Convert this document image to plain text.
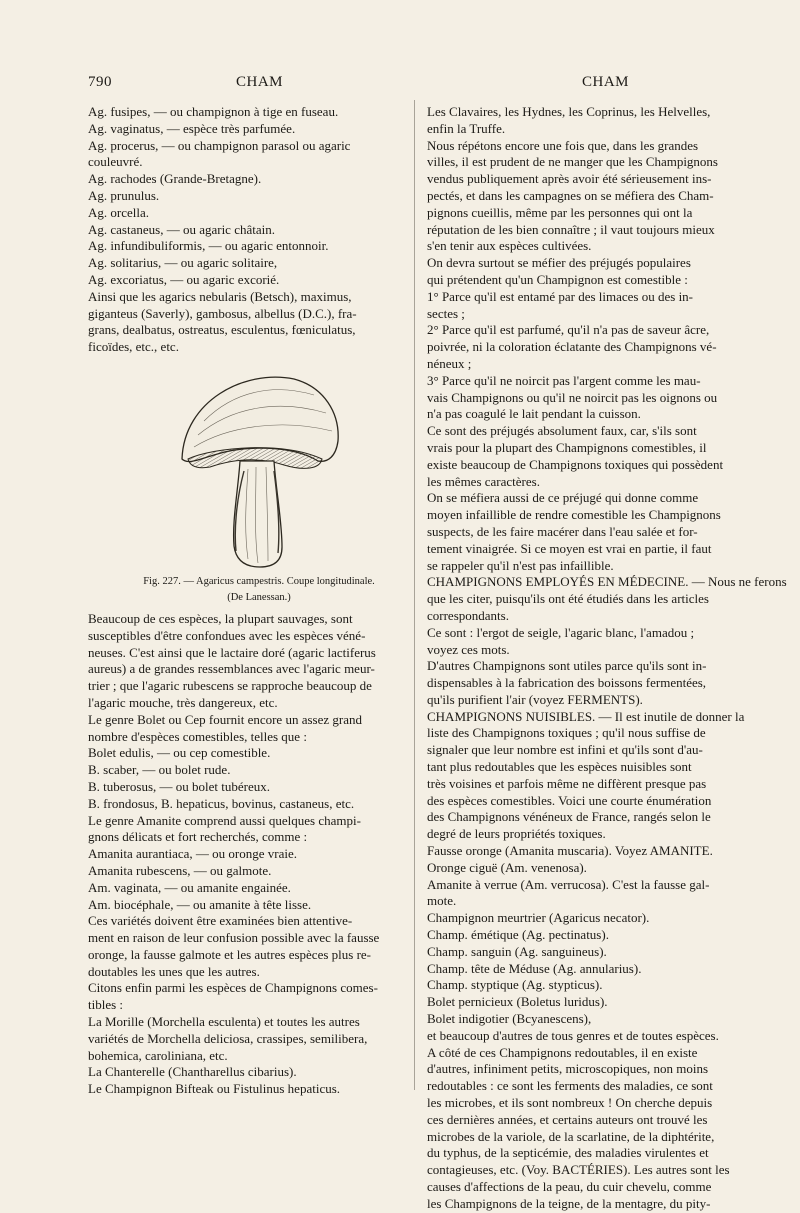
790	CHAM	CHAM
Ag. fusipes, — ou champignon à tige en fuseau.
Ag. vaginatus, — espèce très parfumée.
Ag. procerus, — ou champignon parasol ou agaric
couleuvré.
Ag. rachodes (Grande-Bretagne).
Ag. prunulus.
Ag. orcella.
Ag. castaneus, — ou agaric châtain.
Ag. infundibuliformis, — ou agaric entonnoir.
Ag. solitarius, — ou agaric solitaire,
Ag. excoriatus, — ou agaric excorié.
Ainsi que les agarics nebularis (Betsch), maximus,
giganteus (Saverly), gambosus, albellus (D.C.), fra-
grans, dealbatus, ostreatus, esculentus, fœniculatus,
ficoïdes, etc., etc.
Fig. 227. — Agaricus campestris. Coupe longitudinale.
(De Lanessan.)
Beaucoup de ces espèces, la plupart sauvages, sont
susceptibles d'être confondues avec les espèces véné-
neuses. C'est ainsi que le lactaire doré (agaric lactiferus
aureus) a de grandes ressemblances avec l'agaric meur-
trier ; que l'agaric rubescens se rapproche beaucoup de
l'agaric mouche, très dangereux, etc.
Le genre Bolet ou Cep fournit encore un assez grand
nombre d'espèces comestibles, telles que :
Bolet edulis, — ou cep comestible.
B. scaber, — ou bolet rude.
B. tuberosus, — ou bolet tubéreux.
B. frondosus, B. hepaticus, bovinus, castaneus, etc.
Le genre Amanite comprend aussi quelques champi-
gnons délicats et fort recherchés, comme :
Amanita aurantiaca, — ou oronge vraie.
Amanita rubescens, — ou galmote.
Am. vaginata, — ou amanite engainée.
Am. biocéphale, — ou amanite à tête lisse.
Ces variétés doivent être examinées bien attentive-
ment en raison de leur confusion possible avec la fausse
oronge, la fausse galmote et les autres espèces plus re-
doutables les unes que les autres.
Citons enfin parmi les espèces de Champignons comes-
tibles :
La Morille (Morchella esculenta) et toutes les autres
variétés de Morchella deliciosa, crassipes, semilibera,
bohemica, caroliniana, etc.
La Chanterelle (Chantharellus cibarius).
Le Champignon Bifteak ou Fistulinus hepaticus.
Les Clavaires, les Hydnes, les Coprinus, les Helvelles,
enfin la Truffe.
Nous répétons encore une fois que, dans les grandes
villes, il est prudent de ne manger que les Champignons
vendus publiquement après avoir été sérieusement ins-
pectés, et dans les campagnes on se méfiera des Cham-
pignons cueillis, même par les personnes qui ont la
réputation de les bien connaître ; il vaut toujours mieux
s'en tenir aux espèces cultivées.
On devra surtout se méfier des préjugés populaires
qui prétendent qu'un Champignon est comestible :
1° Parce qu'il est entamé par des limaces ou des in-
sectes ;
2° Parce qu'il est parfumé, qu'il n'a pas de saveur âcre,
poivrée, ni la coloration éclatante des Champignons vé-
néneux ;
3° Parce qu'il ne noircit pas l'argent comme les mau-
vais Champignons ou qu'il ne noircit pas les oignons ou
n'a pas coagulé le lait pendant la cuisson.
Ce sont des préjugés absolument faux, car, s'ils sont
vrais pour la plupart des Champignons comestibles, il
existe beaucoup de Champignons toxiques qui possèdent
les mêmes caractères.
On se méfiera aussi de ce préjugé qui donne comme
moyen infaillible de rendre comestible les Champignons
suspects, de les faire macérer dans l'eau salée et for-
tement vinaigrée. Si ce moyen est vrai en partie, il faut
se rappeler qu'il n'est pas infaillible.
CHAMPIGNONS EMPLOYÉS EN MÉDECINE. — Nous ne ferons
que les citer, puisqu'ils ont été étudiés dans les articles
correspondants.
Ce sont : l'ergot de seigle, l'agaric blanc, l'amadou ;
voyez ces mots.
D'autres Champignons sont utiles parce qu'ils sont in-
dispensables à la fabrication des boissons fermentées,
qu'ils purifient l'air (voyez FERMENTS).
CHAMPIGNONS NUISIBLES. — Il est inutile de donner la
liste des Champignons toxiques ; qu'il nous suffise de
signaler que leur nombre est infini et qu'ils sont d'au-
tant plus redoutables que les espèces nuisibles sont
très voisines et parfois même ne diffèrent presque pas
des espèces comestibles. Voici une courte énumération
des Champignons vénéneux de France, rangés selon le
degré de leurs propriétés toxiques.
Fausse oronge (Amanita muscaria). Voyez AMANITE.
Oronge ciguë (Am. venenosa).
Amanite à verrue (Am. verrucosa). C'est la fausse gal-
mote.
Champignon meurtrier (Agaricus necator).
Champ. émétique (Ag. pectinatus).
Champ. sanguin (Ag. sanguineus).
Champ. tête de Méduse (Ag. annularius).
Champ. styptique (Ag. stypticus).
Bolet pernicieux (Boletus luridus).
Bolet indigotier (Bcyanescens),
et beaucoup d'autres de tous genres et de toutes espèces.
A côté de ces Champignons redoutables, il en existe
d'autres, infiniment petits, microscopiques, non moins
redoutables : ce sont les ferments des maladies, ce sont
les microbes, et ils sont nombreux ! On cherche depuis
ces dernières années, et certains auteurs ont trouvé les
microbes de la variole, de la scarlatine, de la diphtérite,
du typhus, de la septicémie, des maladies virulentes et
contagieuses, etc. (Voy. BACTÉRIES). Les autres sont les
causes d'affections de la peau, du cuir chevelu, comme
les Champignons de la teigne, de la mentagre, du pity-
